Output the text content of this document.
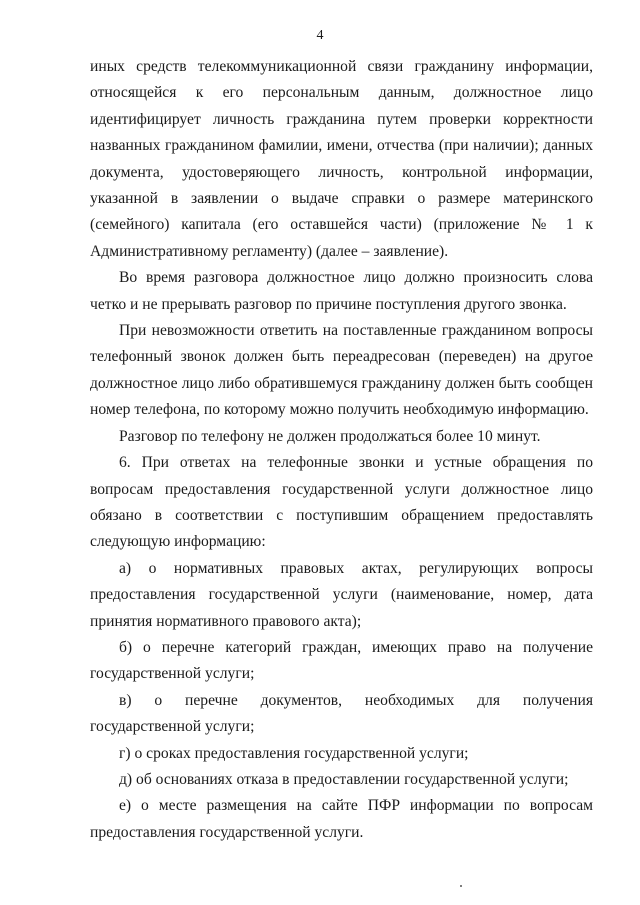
4

иных средств телекоммуникационной связи гражданину информации, относящейся к его персональным данным, должностное лицо идентифицирует личность гражданина путем проверки корректности названных гражданином фамилии, имени, отчества (при наличии); данных документа, удостоверяющего личность, контрольной информации, указанной в заявлении о выдаче справки о размере материнского (семейного) капитала (его оставшейся части) (приложение № 1 к Административному регламенту) (далее – заявление).

Во время разговора должностное лицо должно произносить слова четко и не прерывать разговор по причине поступления другого звонка.

При невозможности ответить на поставленные гражданином вопросы телефонный звонок должен быть переадресован (переведен) на другое должностное лицо либо обратившемуся гражданину должен быть сообщен номер телефона, по которому можно получить необходимую информацию.

Разговор по телефону не должен продолжаться более 10 минут.

6. При ответах на телефонные звонки и устные обращения по вопросам предоставления государственной услуги должностное лицо обязано в соответствии с поступившим обращением предоставлять следующую информацию:

а) о нормативных правовых актах, регулирующих вопросы предоставления государственной услуги (наименование, номер, дата принятия нормативного правового акта);

б) о перечне категорий граждан, имеющих право на получение государственной услуги;

в) о перечне документов, необходимых для получения государственной услуги;

г) о сроках предоставления государственной услуги;

д) об основаниях отказа в предоставлении государственной услуги;

е) о месте размещения на сайте ПФР информации по вопросам предоставления государственной услуги.
